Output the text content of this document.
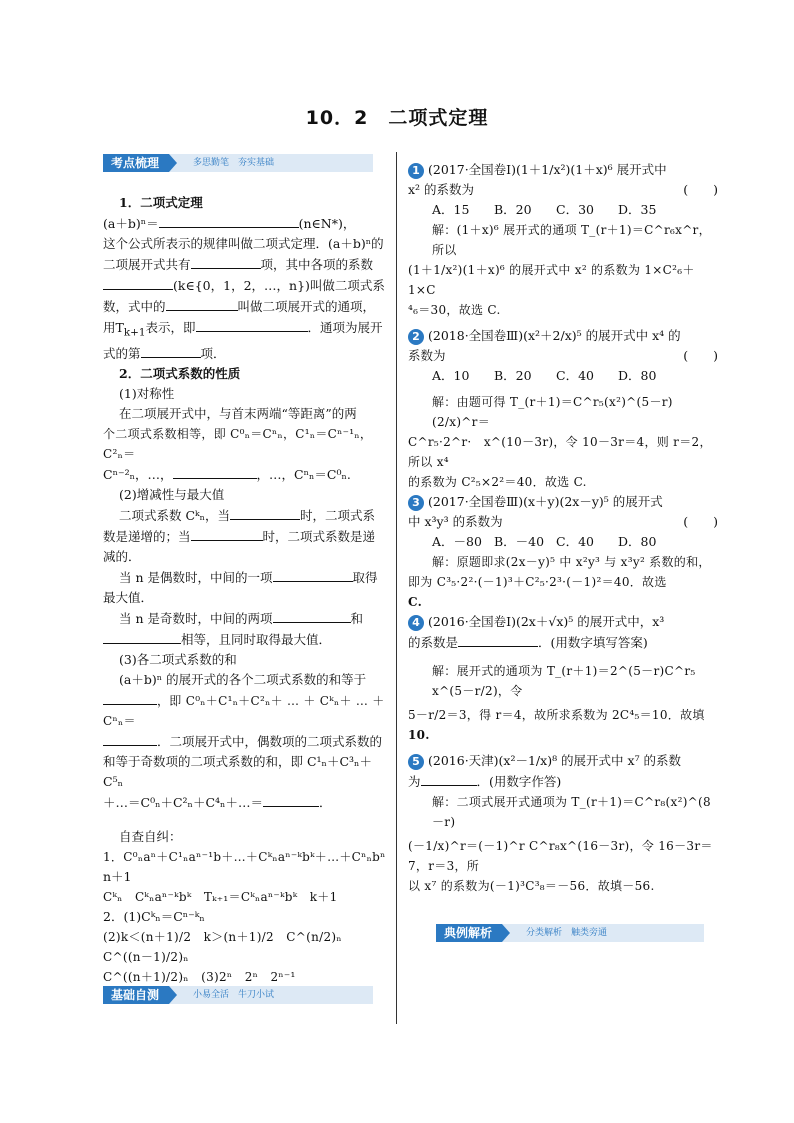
10．2　二项式定理
考点梳理	多思勤笔　夯实基础
基础自测	小易全活　牛刀小试
典例解析	分类解析　触类旁通

1．二项式定理

(a＋b)ⁿ＝	(n∈N*)，

这个公式所表示的规律叫做二项式定理．(a＋b)ⁿ的

二项展开式共有	项，其中各项的系数

(k∈{0，1，2，…，n})叫做二项式系

数，式中的	叫做二项展开式的通项，

用$T_{k+1}$表示，即	．通项为展开

式的第	项．

2．二项式系数的性质

(1)对称性

在二项展开式中，与首末两端“等距离”的两

个二项式系数相等，即 C⁰ₙ＝Cⁿₙ，C¹ₙ＝Cⁿ⁻¹ₙ，C²ₙ＝

Cⁿ⁻²ₙ，…，	，…，Cⁿₙ＝C⁰ₙ.

(2)增减性与最大值

二项式系数 Cᵏₙ，当	时，二项式系

数是递增的；当	时，二项式系数是递

减的．

当 n 是偶数时，中间的一项	取得

最大值．

当 n 是奇数时，中间的两项	和

相等，且同时取得最大值．

(3)各二项式系数的和

(a＋b)ⁿ 的展开式的各个二项式系数的和等于

，即 C⁰ₙ＋C¹ₙ＋C²ₙ＋ … ＋ Cᵏₙ＋ … ＋ Cⁿₙ＝

．二项展开式中，偶数项的二项式系数的

和等于奇数项的二项式系数的和，即 C¹ₙ＋C³ₙ＋C⁵ₙ

＋…＝C⁰ₙ＋C²ₙ＋C⁴ₙ＋…＝	．

自查自纠：

1．C⁰ₙaⁿ＋C¹ₙaⁿ⁻¹b＋…＋Cᵏₙaⁿ⁻ᵏbᵏ＋…＋Cⁿₙbⁿ

n＋1

Cᵏₙ　Cᵏₙaⁿ⁻ᵏbᵏ　Tₖ₊₁＝Cᵏₙaⁿ⁻ᵏbᵏ　k＋1

2．(1)Cᵏₙ＝Cⁿ⁻ᵏₙ

(2)k＜(n＋1)/2　k＞(n＋1)/2　C^(n/2)ₙ　C^((n－1)/2)ₙ

C^((n＋1)/2)ₙ　(3)2ⁿ　2ⁿ　2ⁿ⁻¹

1 (2017·全国卷Ⅰ)(1＋1/x²)(1＋x)⁶ 展开式中

x² 的系数为	(　　)

A．15 B．20 C．30 D．35

解：(1＋x)⁶ 展开式的通项 T_(r＋1)＝C^r₆x^r，所以

(1＋1/x²)(1＋x)⁶ 的展开式中 x² 的系数为 1×C²₆＋1×C

⁴₆＝30，故选 C.

2 (2018·全国卷Ⅲ)(x²＋2/x)⁵ 的展开式中 x⁴ 的

系数为	(　　)

A．10 B．20 C．40 D．80

解：由题可得 T_(r＋1)＝C^r₅(x²)^(5－r)(2/x)^r＝

C^r₅·2^r·　x^(10－3r)，令 10－3r＝4，则 r＝2，所以 x⁴

的系数为 C²₅×2²＝40．故选 C.

3 (2017·全国卷Ⅲ)(x＋y)(2x－y)⁵ 的展开式

中 x³y³ 的系数为	(　　)

A．－80 B．－40 C．40 D．80

解：原题即求(2x－y)⁵ 中 x²y³ 与 x³y² 系数的和，

即为 C³₅·2²·(－1)³＋C²₅·2³·(－1)²＝40．故选

C.

4 (2016·全国卷Ⅰ)(2x＋√x)⁵ 的展开式中，x³

的系数是	．(用数字填写答案)

解：展开式的通项为 T_(r＋1)＝2^(5－r)C^r₅ x^(5－r/2)，令

5－r/2＝3，得 r＝4，故所求系数为 2C⁴₅＝10．故填

10.

5 (2016·天津)(x²－1/x)⁸ 的展开式中 x⁷ 的系数

为	．(用数字作答)

解：二项式展开式通项为 T_(r＋1)＝C^r₈(x²)^(8－r)

(－1/x)^r＝(－1)^r C^r₈x^(16－3r)，令 16－3r＝7，r＝3，所

以 x⁷ 的系数为(－1)³C³₈＝－56．故填－56.
